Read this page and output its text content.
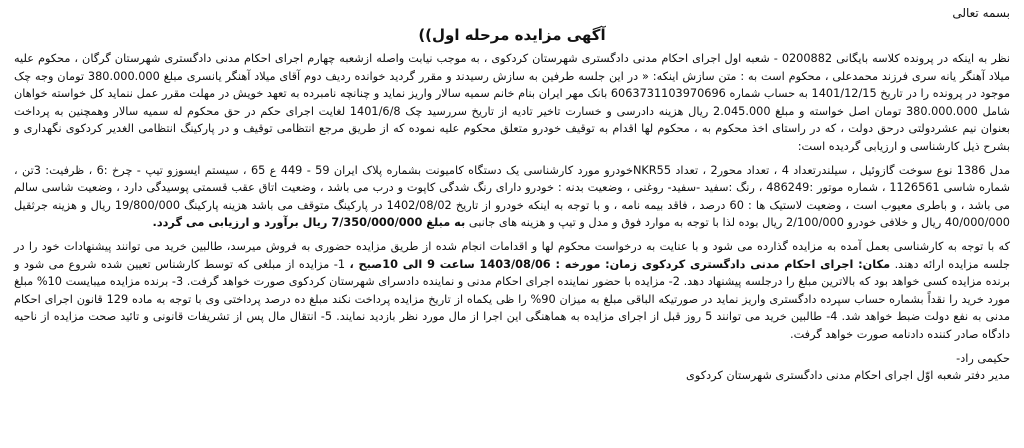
بسمه تعالی
آگهی مزایده مرحله اول))

نظر به اینکه در پرونده کلاسه بایگانی 0200882 - شعبه اول اجرای احکام مدنی دادگستری شهرستان کردکوی ، به موجب نیابت واصله ازشعبه چهارم اجرای احکام مدنی دادگستری شهرستان گرگان ، محکوم علیه میلاد آهنگر یانه سری فرزند محمدعلی ، محکوم است به : متن سازش اینکه: « در این جلسه طرفین به سازش رسیدند و مقرر گردید خوانده ردیف دوم آقای میلاد آهنگر یانسری مبلغ 380.000.000 تومان وجه چک موجود در پرونده را در تاریخ 1401/12/15 به حساب شماره 6063731103970696 بانک مهر ایران بنام خانم سمیه سالار واریز نماید و چنانچه نامبرده به تعهد خویش در مهلت مقرر عمل ننماید کل خواسته خواهان شامل 380.000.000 تومان اصل خواسته و مبلغ 2.045.000 ریال هزینه دادرسی و خسارت تاخیر تادیه از تاریخ سررسید چک 1401/6/8 لغایت اجرای حکم در حق محکوم له سمیه سالار وهمچنین به پرداخت بعنوان نیم عشردولتی درحق دولت ، که در راستای اخذ محکوم به ، محکوم لها اقدام به توقیف خودرو متعلق محکوم علیه نموده که از طریق مرجع انتظامی توقیف و در پارکینگ انتظامی الغدیر کردکوی نگهداری و بشرح ذیل کارشناسی و ارزیابی گردیده است:

مدل 1386 نوع سوخت گازوئیل ، سیلندرتعداد 4 ، تعداد محور2 ، تعداد NKR55خودرو مورد کارشناسی یک دستگاه کامیونت بشماره پلاک ایران 59 - 449 ع 65 ، سیستم ایسوزو تیپ - چرخ :6 ، ظرفیت: 3تن ، شماره شاسی 1126561 ، شماره موتور :486249 ، رنگ :سفید -سفید- روغنی ، وضعیت بدنه : خودرو دارای رنگ شدگی کاپوت و درب می باشد ، وضعیت اتاق عقب قسمتی پوسیدگی دارد ، وضعیت شاسی سالم می باشد ، و باطری معیوب است ، وضعیت لاستیک ها : 60 درصد ، فاقد بیمه نامه ، و با توجه به اینکه خودرو از تاریخ 1402/08/02 در پارکینگ متوقف می باشد هزینه پارکینگ 19/800/000 ریال و هزینه جرثقیل 40/000/000 ریال و خلافی خودرو 2/100/000 ریال بوده لذا با توجه به موارد فوق و مدل و تیپ و هزینه های جانبی به مبلغ 7/350/000/000 ریال برآورد و ارزیابی می گردد.

که با توجه به کارشناسی بعمل آمده به مزایده گذارده می شود و با عنایت به درخواست محکوم لها و اقدامات انجام شده از طریق مزایده حضوری به فروش میرسد، طالبین خرید می توانند پیشنهادات خود را در جلسه مزایده ارائه دهند. مکان: اجرای احکام مدنی دادگستری کردکوی زمان: مورخه : 1403/08/06 ساعت 9 الی 10صبح ، 1- مزایده از مبلغی که توسط کارشناس تعیین شده شروع می شود و برنده مزایده کسی خواهد بود که بالاترین مبلغ را درجلسه پیشنهاد دهد. 2- مزایده با حضور نماینده اجرای احکام مدنی و نماینده دادسرای شهرستان کردکوی صورت خواهد گرفت. 3- برنده مزایده میبایست 10% مبلغ مورد خرید را نقداً بشماره حساب سپرده دادگستری واریز نماید در صورتیکه الباقی مبلغ به میزان 90% را ظی یکماه از تاریخ مزایده پرداخت نکند مبلغ ده درصد پرداختی وی با توجه به ماده 129 قانون اجرای احکام مدنی به نفع دولت ضبط خواهد شد. 4- طالبین خرید می توانند 5 روز قبل از اجرای مزایده به هماهنگی این اجرا از مال مورد نظر بازدید نمایند. 5- انتقال مال پس از تشریفات قانونی و تائید صحت مزایده از ناحیه دادگاه صادر کننده دادنامه صورت خواهد گرفت.

حکیمی راد-
مدیر دفتر شعبه اوّل اجرای احکام مدنی دادگستری شهرستان کردکوی
